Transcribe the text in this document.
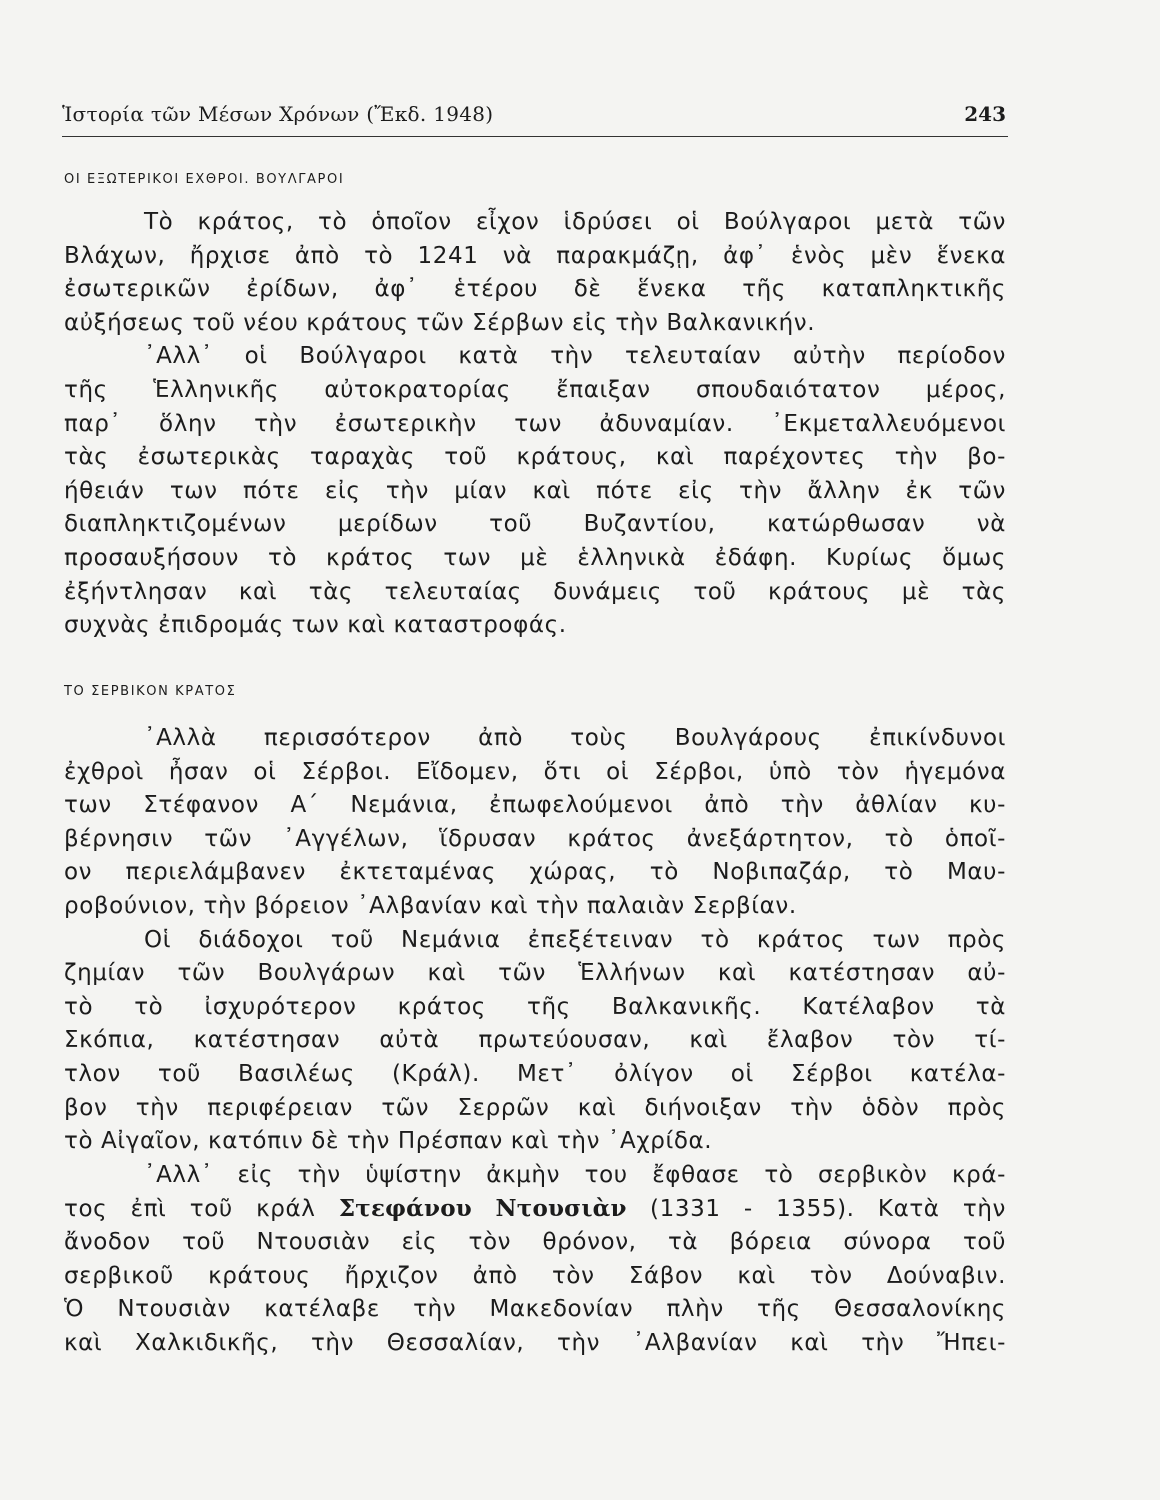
Ἱστορία τῶν Μέσων Χρόνων (Ἔκδ. 1948)	243
ΟΙ ΕΞΩΤΕΡΙΚΟΙ ΕΧΘΡΟΙ. ΒΟΥΛΓΑΡΟΙ
Τὸ κράτος, τὸ ὁποῖον εἶχον ἱδρύσει οἱ Βούλγαροι μετὰ τῶν
Βλάχων, ἤρχισε ἀπὸ τὸ 1241 νὰ παρακμάζῃ, ἀφ᾿ ἑνὸς μὲν ἕνεκα
ἐσωτερικῶν ἐρίδων, ἀφ᾿ ἑτέρου δὲ ἕνεκα τῆς καταπληκτικῆς
αὐξήσεως τοῦ νέου κράτους τῶν Σέρβων εἰς τὴν Βαλκανικήν.
᾿Αλλ᾿ οἱ Βούλγαροι κατὰ τὴν τελευταίαν αὐτὴν περίοδον
τῆς Ἑλληνικῆς αὐτοκρατορίας ἔπαιξαν σπουδαιότατον μέρος,
παρ᾿ ὅλην τὴν ἐσωτερικὴν των ἀδυναμίαν. ᾿Εκμεταλλευόμενοι
τὰς ἐσωτερικὰς ταραχὰς τοῦ κράτους, καὶ παρέχοντες τὴν βο-
ήθειάν των πότε εἰς τὴν μίαν καὶ πότε εἰς τὴν ἄλλην ἐκ τῶν
διαπληκτιζομένων μερίδων τοῦ Βυζαντίου, κατώρθωσαν νὰ
προσαυξήσουν τὸ κράτος των μὲ ἑλληνικὰ ἐδάφη. Κυρίως ὅμως
ἐξήντλησαν καὶ τὰς τελευταίας δυνάμεις τοῦ κράτους μὲ τὰς
συχνὰς ἐπιδρομάς των καὶ καταστροφάς.
ΤΟ ΣΕΡΒΙΚΟΝ ΚΡΑΤΟΣ
᾿Αλλὰ περισσότερον ἀπὸ τοὺς Βουλγάρους ἐπικίνδυνοι
ἐχθροὶ ἦσαν οἱ Σέρβοι. Εἴδομεν, ὅτι οἱ Σέρβοι, ὑπὸ τὸν ἡγεμόνα
των Στέφανον Α΄ Νεμάνια, ἐπωφελούμενοι ἀπὸ τὴν ἀθλίαν κυ-
βέρνησιν τῶν ᾿Αγγέλων, ἵδρυσαν κράτος ἀνεξάρτητον, τὸ ὁποῖ-
ον περιελάμβανεν ἐκτεταμένας χώρας, τὸ Νοβιπαζάρ, τὸ Μαυ-
ροβούνιον, τὴν βόρειον ᾿Αλβανίαν καὶ τὴν παλαιὰν Σερβίαν.
Οἱ διάδοχοι τοῦ Νεμάνια ἐπεξέτειναν τὸ κράτος των πρὸς
ζημίαν τῶν Βουλγάρων καὶ τῶν Ἑλλήνων καὶ κατέστησαν αὐ-
τὸ τὸ ἰσχυρότερον κράτος τῆς Βαλκανικῆς. Κατέλαβον τὰ
Σκόπια, κατέστησαν αὐτὰ πρωτεύουσαν, καὶ ἔλαβον τὸν τί-
τλον τοῦ Βασιλέως (Κράλ). Μετ᾿ ὀλίγον οἱ Σέρβοι κατέλα-
βον τὴν περιφέρειαν τῶν Σερρῶν καὶ διήνοιξαν τὴν ὁδὸν πρὸς
τὸ Αἰγαῖον, κατόπιν δὲ τὴν Πρέσπαν καὶ τὴν ᾿Αχρίδα.
᾿Αλλ᾿ εἰς τὴν ὑψίστην ἀκμὴν του ἔφθασε τὸ σερβικὸν κρά-
τος ἐπὶ τοῦ κράλ Στεφάνου Ντουσιὰν (1331 - 1355). Κατὰ τὴν
ἄνοδον τοῦ Ντουσιὰν εἰς τὸν θρόνον, τὰ βόρεια σύνορα τοῦ
σερβικοῦ κράτους ἤρχιζον ἀπὸ τὸν Σάβον καὶ τὸν Δούναβιν.
Ὁ Ντουσιὰν κατέλαβε τὴν Μακεδονίαν πλὴν τῆς Θεσσαλονίκης
καὶ Χαλκιδικῆς, τὴν Θεσσαλίαν, τὴν ᾿Αλβανίαν καὶ τὴν Ἤπει-
